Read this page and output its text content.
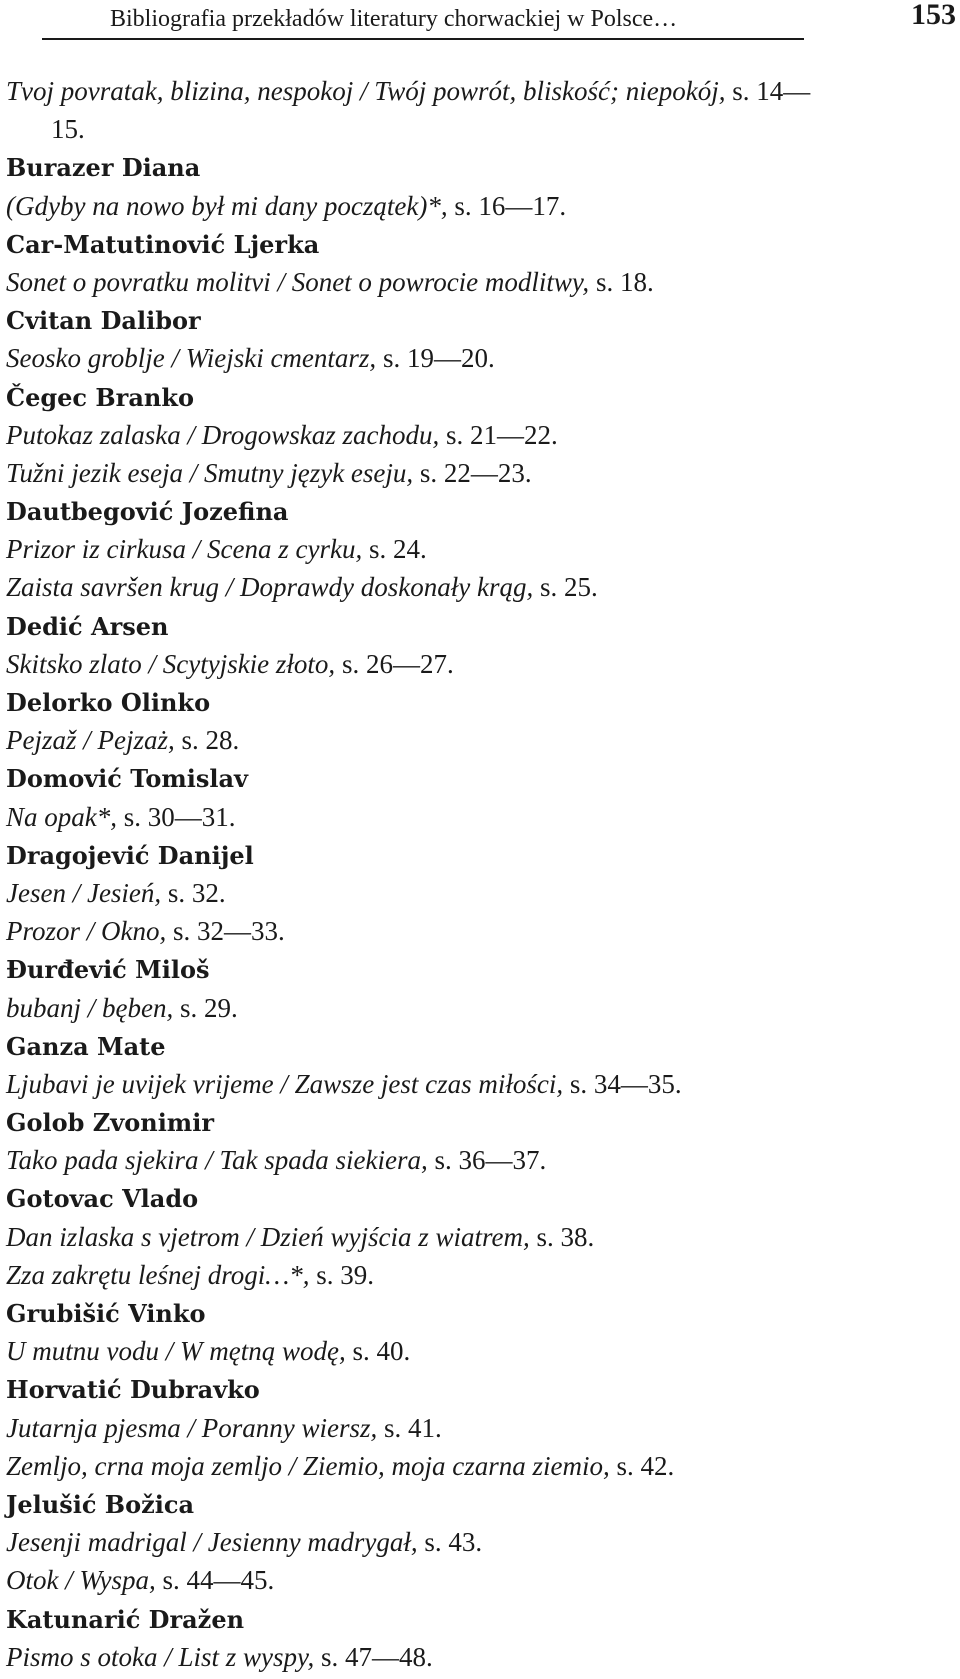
Bibliografia przekładów literatury chorwackiej w Polsce…	153
Tvoj povratak, blizina, nespokoj / Twój powrót, bliskość; niepokój, s. 14—
15.
Burazer Diana
(Gdyby na nowo był mi dany początek)*, s. 16—17.
Car-Matutinović Ljerka
Sonet o povratku molitvi / Sonet o powrocie modlitwy, s. 18.
Cvitan Dalibor
Seosko groblje / Wiejski cmentarz, s. 19—20.
Čegec Branko
Putokaz zalaska / Drogowskaz zachodu, s. 21—22.
Tužni jezik eseja / Smutny język eseju, s. 22—23.
Dautbegović Jozefina
Prizor iz cirkusa / Scena z cyrku, s. 24.
Zaista savršen krug / Doprawdy doskonały krąg, s. 25.
Dedić Arsen
Skitsko zlato / Scytyjskie złoto, s. 26—27.
Delorko Olinko
Pejzaž / Pejzaż, s. 28.
Domović Tomislav
Na opak*, s. 30—31.
Dragojević Danijel
Jesen / Jesień, s. 32.
Prozor / Okno, s. 32—33.
Đurđević Miloš
bubanj / bęben, s. 29.
Ganza Mate
Ljubavi je uvijek vrijeme / Zawsze jest czas miłości, s. 34—35.
Golob Zvonimir
Tako pada sjekira / Tak spada siekiera, s. 36—37.
Gotovac Vlado
Dan izlaska s vjetrom / Dzień wyjścia z wiatrem, s. 38.
Zza zakrętu leśnej drogi…*, s. 39.
Grubišić Vinko
U mutnu vodu / W mętną wodę, s. 40.
Horvatić Dubravko
Jutarnja pjesma / Poranny wiersz, s. 41.
Zemljo, crna moja zemljo / Ziemio, moja czarna ziemio, s. 42.
Jelušić Božica
Jesenji madrigal / Jesienny madrygał, s. 43.
Otok / Wyspa, s. 44—45.
Katunarić Dražen
Pismo s otoka / List z wyspy, s. 47—48.
